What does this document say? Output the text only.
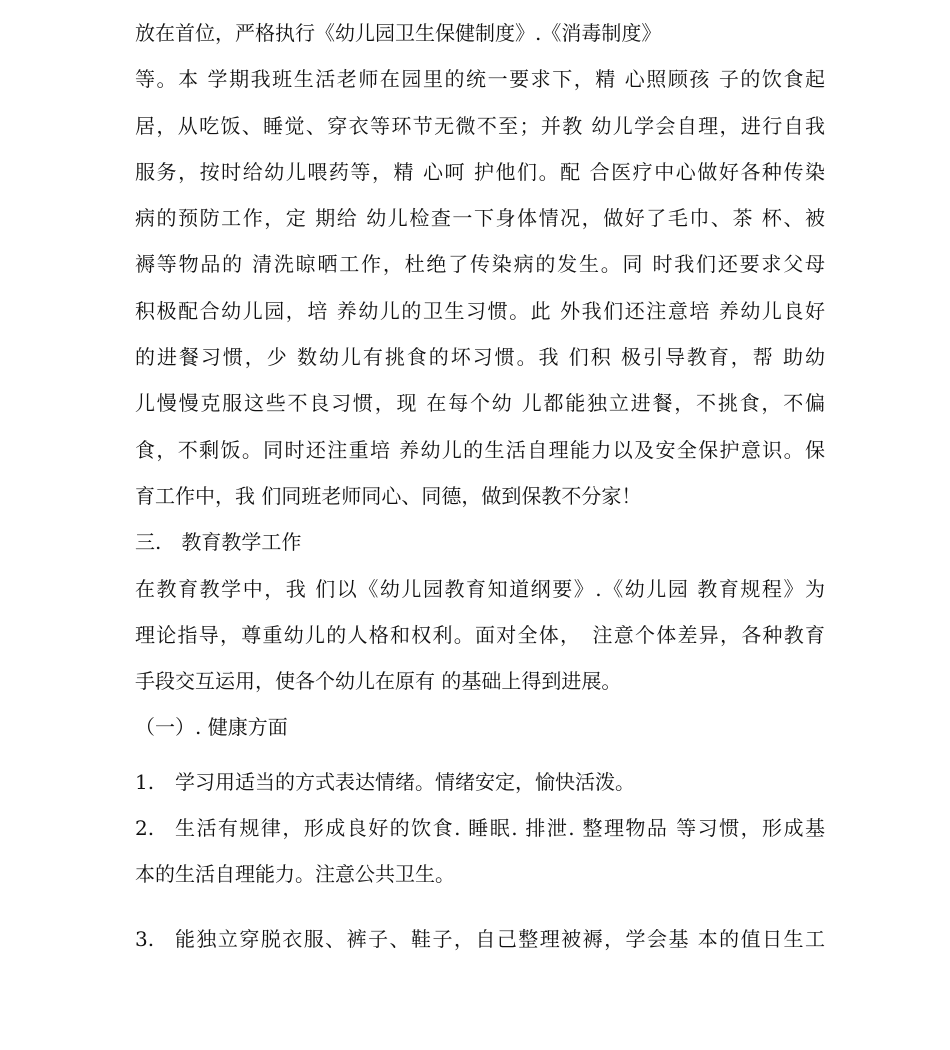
放在首位，严格执行《幼儿园卫生保健制度》.《消毒制度》
等。本 学期我班生活老师在园里的统一要求下，精 心照顾孩 子的饮食起
居，从吃饭、睡觉、穿衣等环节无微不至；并教 幼儿学会自理，进行自我
服务，按时给幼儿喂药等，精 心呵 护他们。配 合医疗中心做好各种传染
病的预防工作，定 期给 幼儿检查一下身体情况，做好了毛巾、茶 杯、被
褥等物品的 清洗晾晒工作，杜绝了传染病的发生。同 时我们还要求父母
积极配合幼儿园，培 养幼儿的卫生习惯。此 外我们还注意培 养幼儿良好
的进餐习惯，少 数幼儿有挑食的坏习惯。我 们积 极引导教育，帮 助幼
儿慢慢克服这些不良习惯，现 在每个幼 儿都能独立进餐，不挑食，不偏
食，不剩饭。同时还注重培 养幼儿的生活自理能力以及安全保护意识。保
育工作中，我 们同班老师同心、同德，做到保教不分家！
三.　教育教学工作
在教育教学中，我 们以《幼儿园教育知道纲要》.《幼儿园 教育规程》为
理论指导，尊重幼儿的人格和权利。面对全体，　注意个体差异，各种教育
手段交互运用，使各个幼儿在原有 的基础上得到进展。
（一）. 健康方面
1. 学习用适当的方式表达情绪。情绪安定，愉快活泼。
2.	生活有规律，形成良好的饮食. 睡眠. 排泄. 整理物品 等习惯，形成基
本的生活自理能力。注意公共卫生。
3.	能独立穿脱衣服、裤子、鞋子，自己整理被褥，学会基 本的值日生工
